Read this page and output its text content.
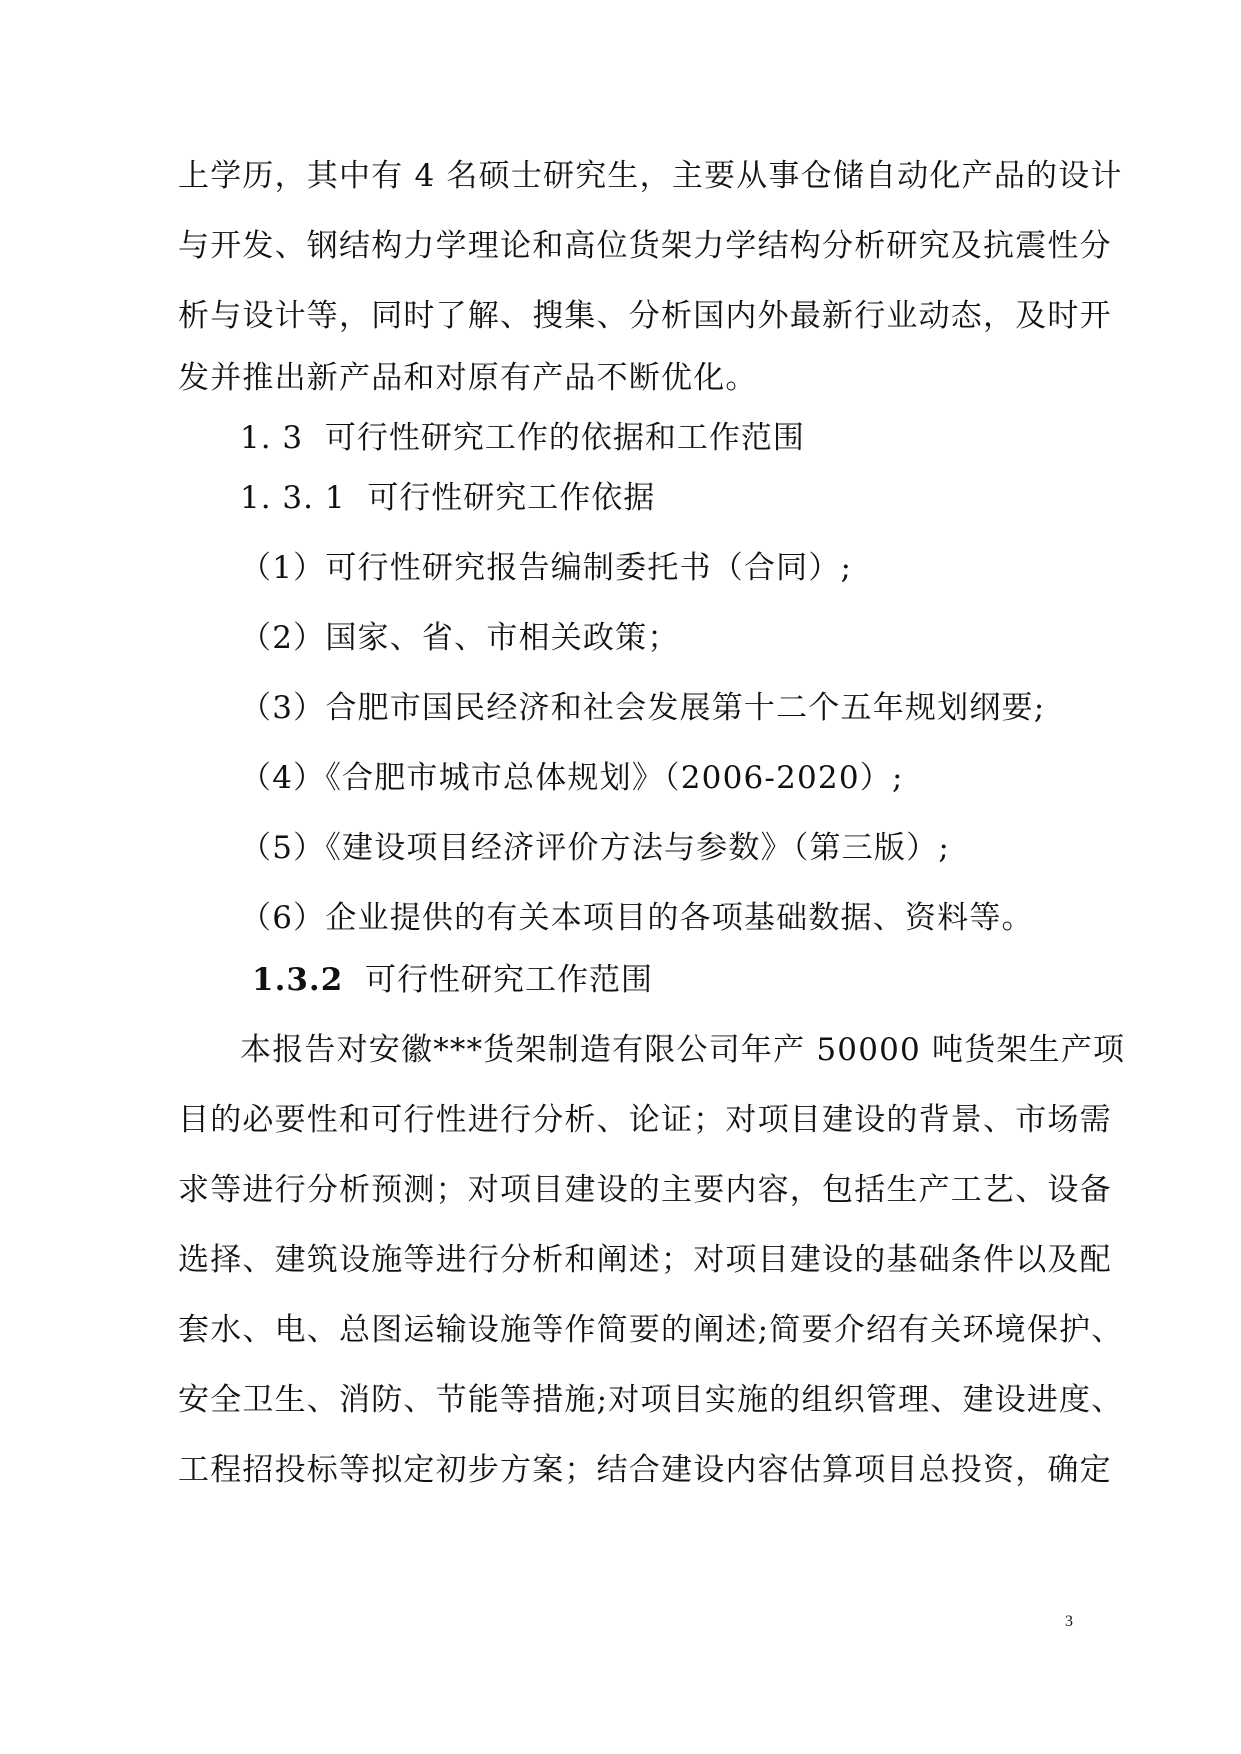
上学历，其中有 4 名硕士研究生，主要从事仓储自动化产品的设计
与开发、钢结构力学理论和高位货架力学结构分析研究及抗震性分
析与设计等，同时了解、搜集、分析国内外最新行业动态，及时开
发并推出新产品和对原有产品不断优化。
1. 3 可行性研究工作的依据和工作范围
1. 3. 1 可行性研究工作依据
（1）可行性研究报告编制委托书（合同）;
（2）国家、省、市相关政策；
（3）合肥市国民经济和社会发展第十二个五年规划纲要;
（4）《合肥市城市总体规划》（2006-2020）;
（5）《建设项目经济评价方法与参数》（第三版）;
（6）企业提供的有关本项目的各项基础数据、资料等。
1.3.2 可行性研究工作范围
本报告对安徽***货架制造有限公司年产 50000 吨货架生产项
目的必要性和可行性进行分析、论证；对项目建设的背景、市场需
求等进行分析预测；对项目建设的主要内容，包括生产工艺、设备
选择、建筑设施等进行分析和阐述；对项目建设的基础条件以及配
套水、电、总图运输设施等作简要的阐述;简要介绍有关环境保护、
安全卫生、消防、节能等措施;对项目实施的组织管理、建设进度、
工程招投标等拟定初步方案；结合建设内容估算项目总投资，确定
3
